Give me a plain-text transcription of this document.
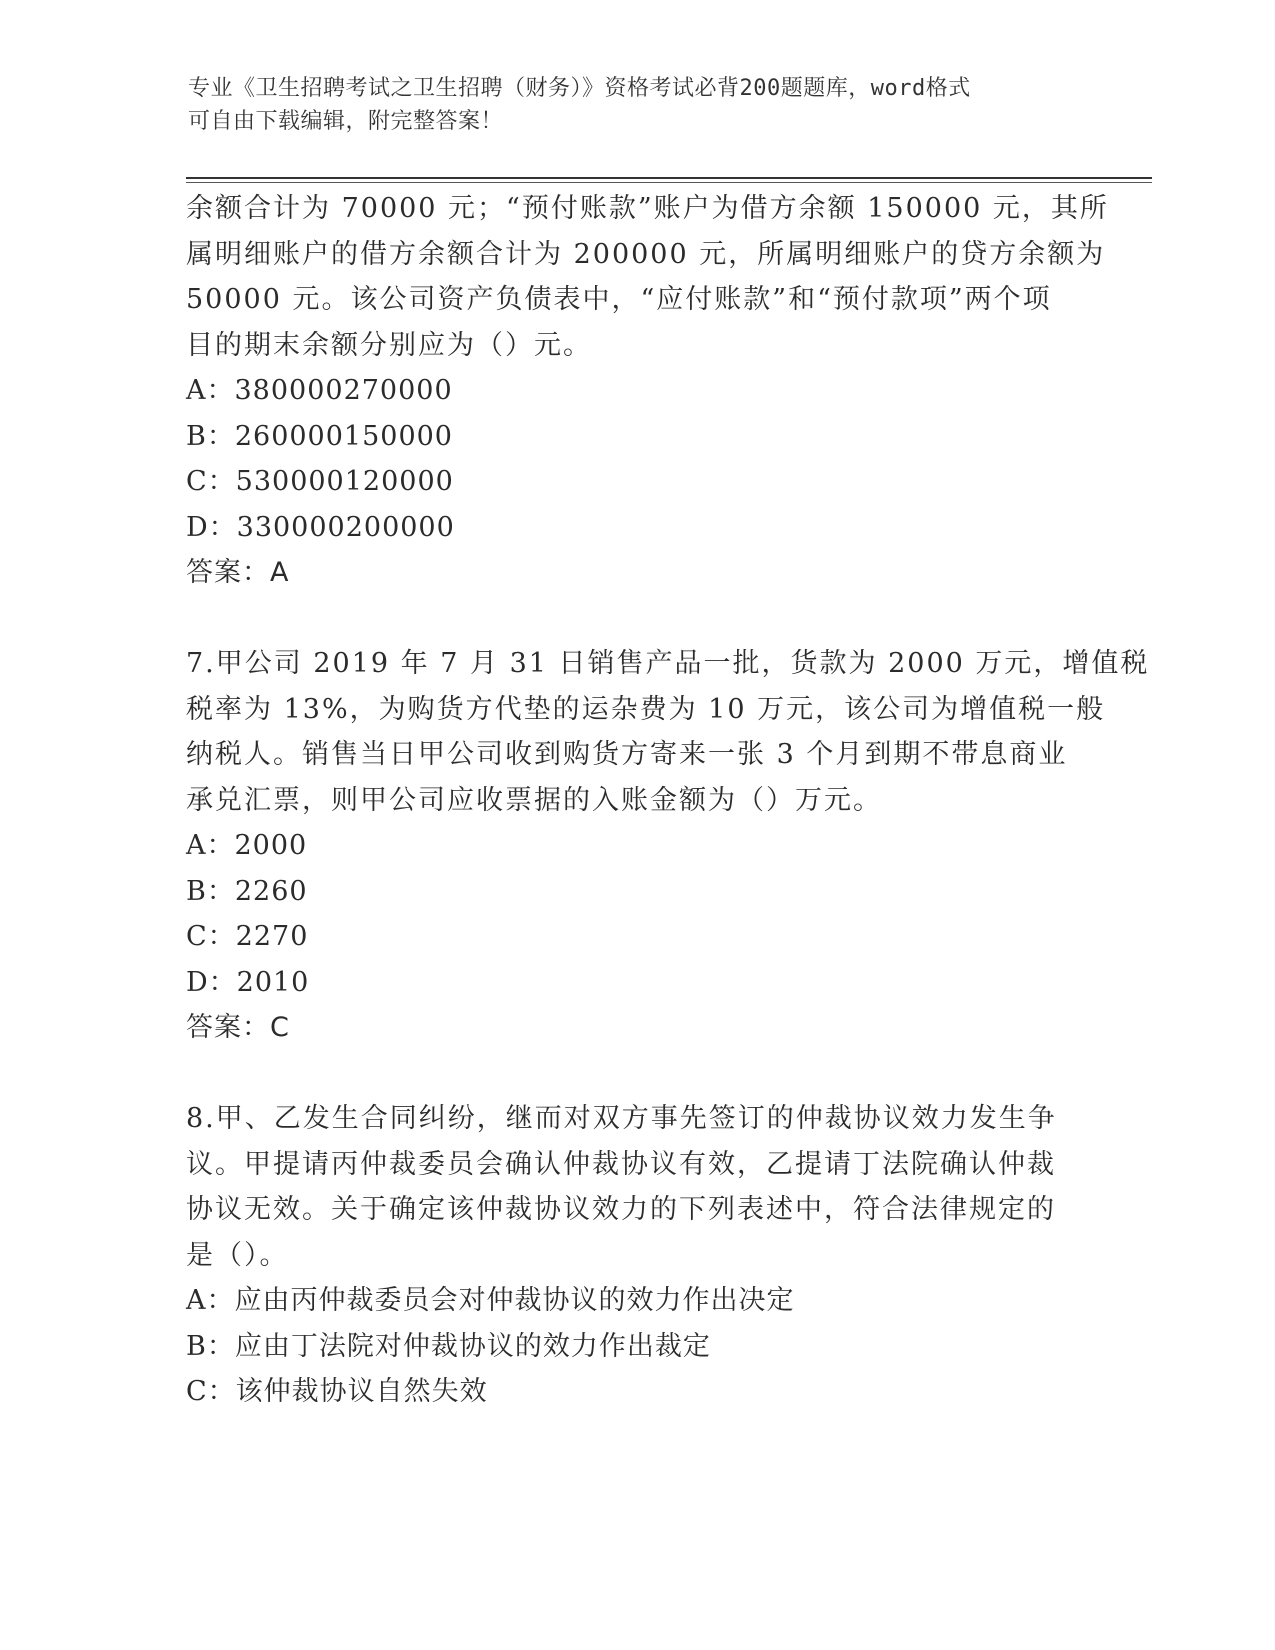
专业《卫生招聘考试之卫生招聘（财务）》资格考试必背200题题库，word格式
可自由下载编辑，附完整答案！
余额合计为 70000 元；“预付账款”账户为借方余额 150000 元，其所
属明细账户的借方余额合计为 200000 元，所属明细账户的贷方余额为
50000 元。该公司资产负债表中，“应付账款”和“预付款项”两个项
目的期末余额分别应为（）元。
A：380000270000
B：260000150000
C：530000120000
D：330000200000
答案：A
7.甲公司 2019 年 7 月 31 日销售产品一批，货款为 2000 万元，增值税
税率为 13%，为购货方代垫的运杂费为 10 万元，该公司为增值税一般
纳税人。销售当日甲公司收到购货方寄来一张 3 个月到期不带息商业
承兑汇票，则甲公司应收票据的入账金额为（）万元。
A：2000
B：2260
C：2270
D：2010
答案：C
8.甲、乙发生合同纠纷，继而对双方事先签订的仲裁协议效力发生争
议。甲提请丙仲裁委员会确认仲裁协议有效，乙提请丁法院确认仲裁
协议无效。关于确定该仲裁协议效力的下列表述中，符合法律规定的
是（）。
A：应由丙仲裁委员会对仲裁协议的效力作出决定
B：应由丁法院对仲裁协议的效力作出裁定
C：该仲裁协议自然失效
